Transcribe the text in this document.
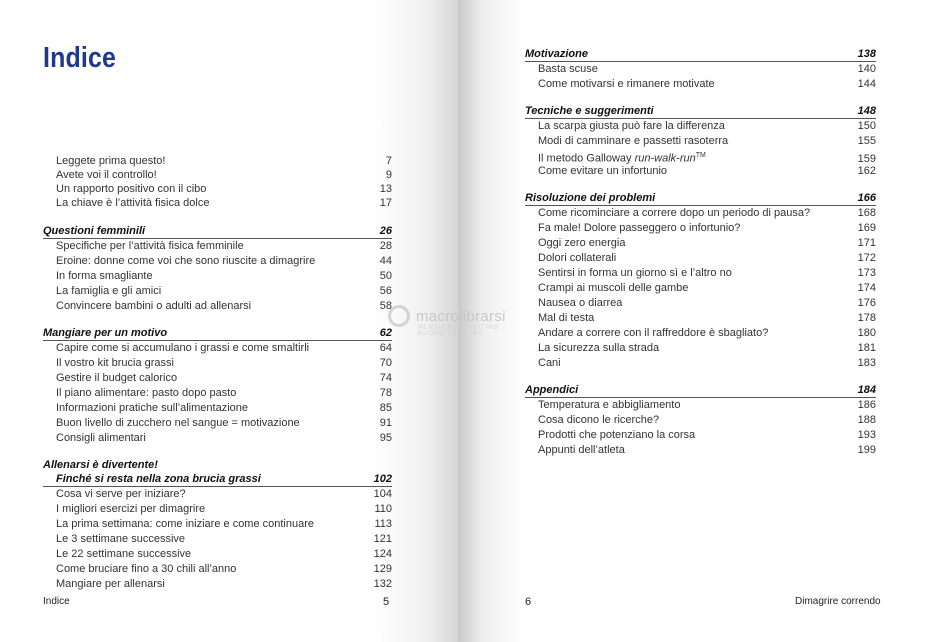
Indice
Leggete prima questo!	7
Avete voi il controllo!	9
Un rapporto positivo con il cibo	13
La chiave è l’attività fisica dolce	17
Questioni femminili	26
Specifiche per l’attività fisica femminile	28
Eroine: donne come voi che sono riuscite a dimagrire	44
In forma smagliante	50
La famiglia e gli amici	56
Convincere bambini o adulti ad allenarsi	58
Mangiare per un motivo	62
Capire come si accumulano i grassi e come smaltirli	64
Il vostro kit brucia grassi	70
Gestire il budget calorico	74
Il piano alimentare: pasto dopo pasto	78
Informazioni pratiche sull’alimentazione	85
Buon livello di zucchero nel sangue = motivazione	91
Consigli alimentari	95
Allenarsi è divertente!
Finché si resta nella zona brucia grassi	102
Cosa vi serve per iniziare?	104
I migliori esercizi per dimagrire	110
La prima settimana: come iniziare e come continuare	113
Le 3 settimane successive	121
Le 22 settimane successive	124
Come bruciare fino a 30 chili all’anno	129
Mangiare per allenarsi	132
Indice	5
Motivazione	138
Basta scuse	140
Come motivarsi e rimanere motivate	144
Tecniche e suggerimenti	148
La scarpa giusta può fare la differenza	150
Modi di camminare e passetti rasoterra	155
Il metodo Galloway run-walk-run™	159
Come evitare un infortunio	162
Risoluzione dei problemi	166
Come ricominciare a correre dopo un periodo di pausa?	168
Fa male! Dolore passeggero o infortunio?	169
Oggi zero energia	171
Dolori collaterali	172
Sentirsi in forma un giorno sì e l’altro no	173
Crampi ai muscoli delle gambe	174
Nausea o diarrea	176
Mal di testa	178
Andare a correre con il raffreddore è sbagliato?	180
La sicurezza sulla strada	181
Cani	183
Appendici	184
Temperatura e abbigliamento	186
Cosa dicono le ricerche?	188
Prodotti che potenziano la corsa	193
Appunti dell’atleta	199
6	Dimagrire correndo
macrolibrarsi
PENSIERO POSITIVO · BUONE LETTURE
